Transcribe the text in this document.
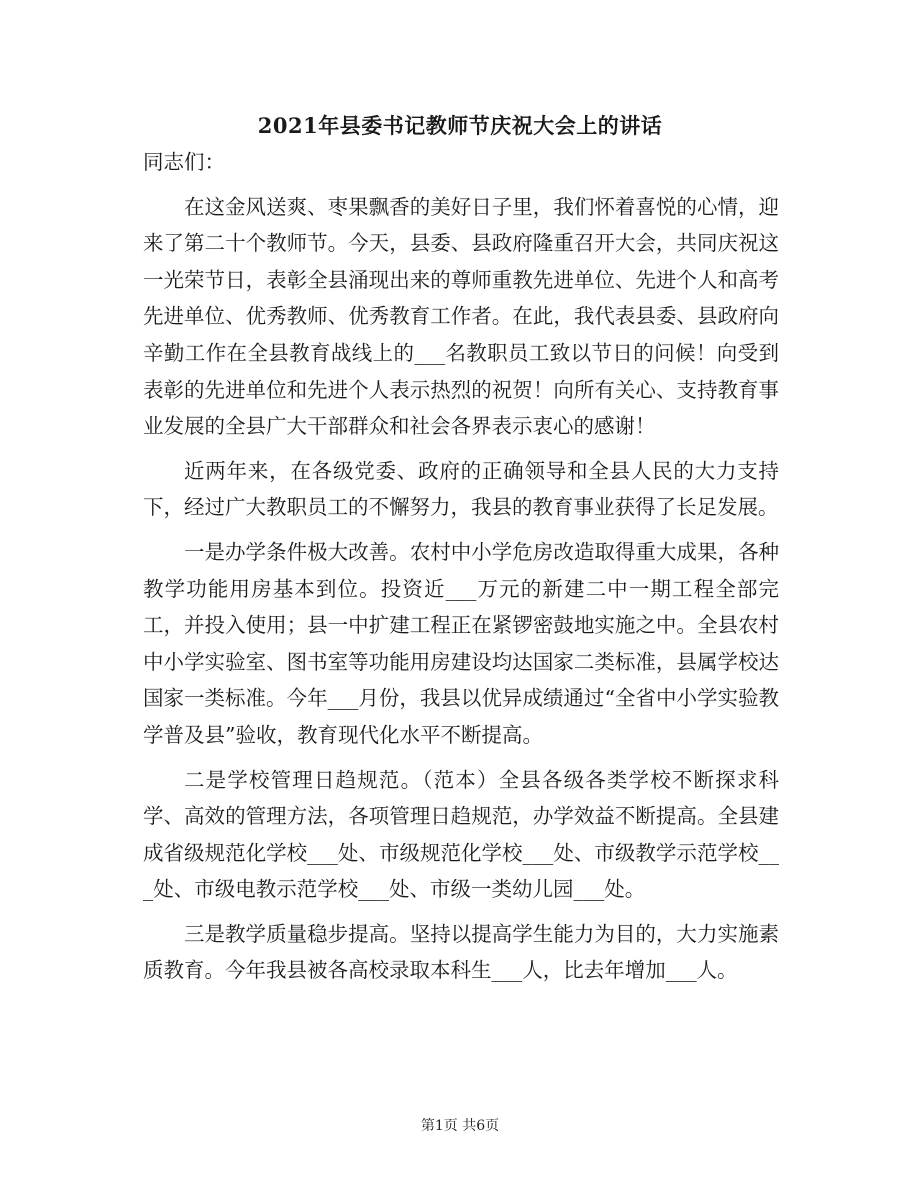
2021年县委书记教师节庆祝大会上的讲话

同志们：

在这金风送爽、枣果飘香的美好日子里，我们怀着喜悦的心情，迎来了第二十个教师节。今天，县委、县政府隆重召开大会，共同庆祝这一光荣节日，表彰全县涌现出来的尊师重教先进单位、先进个人和高考先进单位、优秀教师、优秀教育工作者。在此，我代表县委、县政府向辛勤工作在全县教育战线上的___名教职员工致以节日的问候！向受到表彰的先进单位和先进个人表示热烈的祝贺！向所有关心、支持教育事业发展的全县广大干部群众和社会各界表示衷心的感谢！

近两年来，在各级党委、政府的正确领导和全县人民的大力支持下，经过广大教职员工的不懈努力，我县的教育事业获得了长足发展。

一是办学条件极大改善。农村中小学危房改造取得重大成果，各种教学功能用房基本到位。投资近___万元的新建二中一期工程全部完工，并投入使用；县一中扩建工程正在紧锣密鼓地实施之中。全县农村中小学实验室、图书室等功能用房建设均达国家二类标准，县属学校达国家一类标准。今年___月份，我县以优异成绩通过“全省中小学实验教学普及县”验收，教育现代化水平不断提高。

二是学校管理日趋规范。（范本）全县各级各类学校不断探求科学、高效的管理方法，各项管理日趋规范，办学效益不断提高。全县建成省级规范化学校___处、市级规范化学校___处、市级教学示范学校___处、市级电教示范学校___处、市级一类幼儿园___处。

三是教学质量稳步提高。坚持以提高学生能力为目的，大力实施素质教育。今年我县被各高校录取本科生___人，比去年增加___人。

第1页 共6页
